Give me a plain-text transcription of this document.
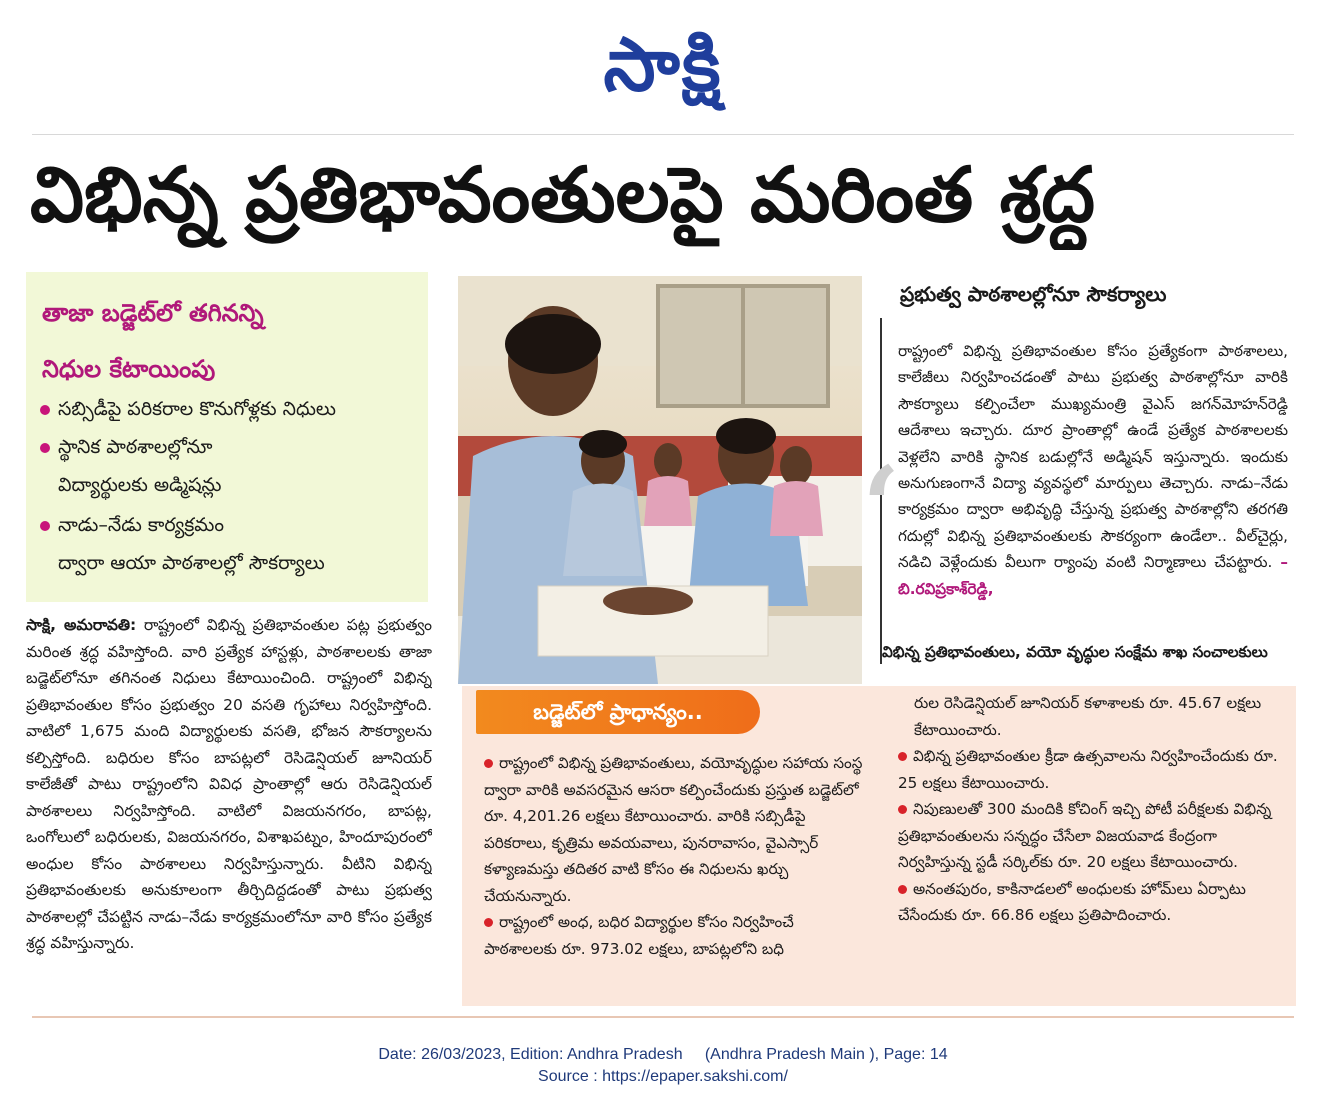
సాక్షి
విభిన్న ప్రతిభావంతులపై మరింత శ్రద్ధ
తాజా బడ్జెట్‌లో తగినన్ని
నిధుల కేటాయింపు
సబ్సిడీపై పరికరాల కొనుగోళ్లకు నిధులు
స్థానిక పాఠశాలల్లోనూ
విద్యార్థులకు అడ్మిషన్లు
నాడు–నేడు కార్యక్రమం
ద్వారా ఆయా పాఠశాలల్లో సౌకర్యాలు
సాక్షి, అమరావతి: రాష్ట్రంలో విభిన్న ప్రతిభావంతుల పట్ల ప్రభుత్వం మరింత శ్రద్ధ వహిస్తోంది. వారి ప్రత్యేక హాస్టళ్లు, పాఠశాలలకు తాజా బడ్జెట్‌లోనూ తగినంత నిధులు కేటాయించింది. రాష్ట్రంలో విభిన్న ప్రతిభావంతుల కోసం ప్రభుత్వం 20 వసతి గృహాలు నిర్వహిస్తోంది. వాటిలో 1,675 మంది విద్యార్థులకు వసతి, భోజన సౌకర్యాలను కల్పిస్తోంది. బధిరుల కోసం బాపట్లలో రెసిడెన్షియల్ జూనియర్ కాలేజీతో పాటు రాష్ట్రంలోని వివిధ ప్రాంతాల్లో ఆరు రెసిడెన్షియల్ పాఠశాలలు నిర్వహిస్తోంది. వాటిలో విజయనగరం, బాపట్ల, ఒంగోలులో బధిరులకు, విజయనగరం, విశాఖపట్నం, హిందూపురంలో అంధుల కోసం పాఠశాలలు నిర్వహిస్తున్నారు. వీటిని విభిన్న ప్రతిభావంతులకు అనుకూలంగా తీర్చిదిద్దడంతో పాటు ప్రభుత్వ పాఠశాలల్లో చేపట్టిన నాడు–నేడు కార్యక్రమంలోనూ వారి కోసం ప్రత్యేక శ్రద్ధ వహిస్తున్నారు.
ప్రభుత్వ పాఠశాలల్లోనూ సౌకర్యాలు
‘
రాష్ట్రంలో విభిన్న ప్రతిభావంతుల కోసం ప్రత్యేకంగా పాఠశాలలు, కాలేజీలు నిర్వహించడంతో పాటు ప్రభుత్వ పాఠశాల్లోనూ వారికి సౌకర్యాలు కల్పించేలా ముఖ్యమంత్రి వైఎస్ జగన్‌మోహన్‌రెడ్డి ఆదేశాలు ఇచ్చారు. దూర ప్రాంతాల్లో ఉండే ప్రత్యేక పాఠశాలలకు వెళ్లలేని వారికి స్థానిక బడుల్లోనే అడ్మిషన్ ఇస్తున్నారు. ఇందుకు అనుగుణంగానే విద్యా వ్యవస్థలో మార్పులు తెచ్చారు. నాడు–నేడు కార్యక్రమం ద్వారా అభివృద్ధి చేస్తున్న ప్రభుత్వ పాఠశాల్లోని తరగతి గదుల్లో విభిన్న ప్రతిభావంతులకు సౌకర్యంగా ఉండేలా.. వీల్‌చైర్లు, నడిచి వెళ్లేందుకు వీలుగా ర్యాంపు వంటి నిర్మాణాలు చేపట్టారు. –బి.రవిప్రకాశ్‌రెడ్డి,
విభిన్న ప్రతిభావంతులు, వయో వృద్ధుల సంక్షేమ శాఖ సంచాలకులు
బడ్జెట్‌లో ప్రాధాన్యం..

రాష్ట్రంలో విభిన్న ప్రతిభావంతులు, వయోవృద్ధుల సహాయ సంస్థ ద్వారా వారికి అవసరమైన ఆసరా కల్పించేందుకు ప్రస్తుత బడ్జెట్‌లో రూ. 4,201.26 లక్షలు కేటాయించారు. వారికి సబ్సిడీపై పరికరాలు, కృత్రిమ అవయవాలు, పునరావాసం, వైఎస్సార్ కళ్యాణమస్తు తదితర వాటి కోసం ఈ నిధులను ఖర్చు చేయనున్నారు.

రాష్ట్రంలో అంధ, బధిర విద్యార్థుల కోసం నిర్వహించే పాఠశాలలకు రూ. 973.02 లక్షలు, బాపట్లలోని బధి

రుల రెసిడెన్షియల్ జూనియర్ కళాశాలకు రూ. 45.67 లక్షలు కేటాయించారు.

విభిన్న ప్రతిభావంతుల క్రీడా ఉత్సవాలను నిర్వహించేందుకు రూ. 25 లక్షలు కేటాయించారు.

నిపుణులతో 300 మందికి కోచింగ్ ఇచ్చి పోటీ పరీక్షలకు విభిన్న ప్రతిభావంతులను సన్నద్ధం చేసేలా విజయవాడ కేంద్రంగా నిర్వహిస్తున్న స్టడీ సర్కిల్‌కు రూ. 20 లక్షలు కేటాయించారు.

అనంతపురం, కాకినాడలలో అంధులకు హోమ్‌లు ఏర్పాటు చేసేందుకు రూ. 66.86 లక్షలు ప్రతిపాదించారు.

Date: 26/03/2023, Edition: Andhra Pradesh     (Andhra Pradesh Main ), Page: 14
Source : https://epaper.sakshi.com/
